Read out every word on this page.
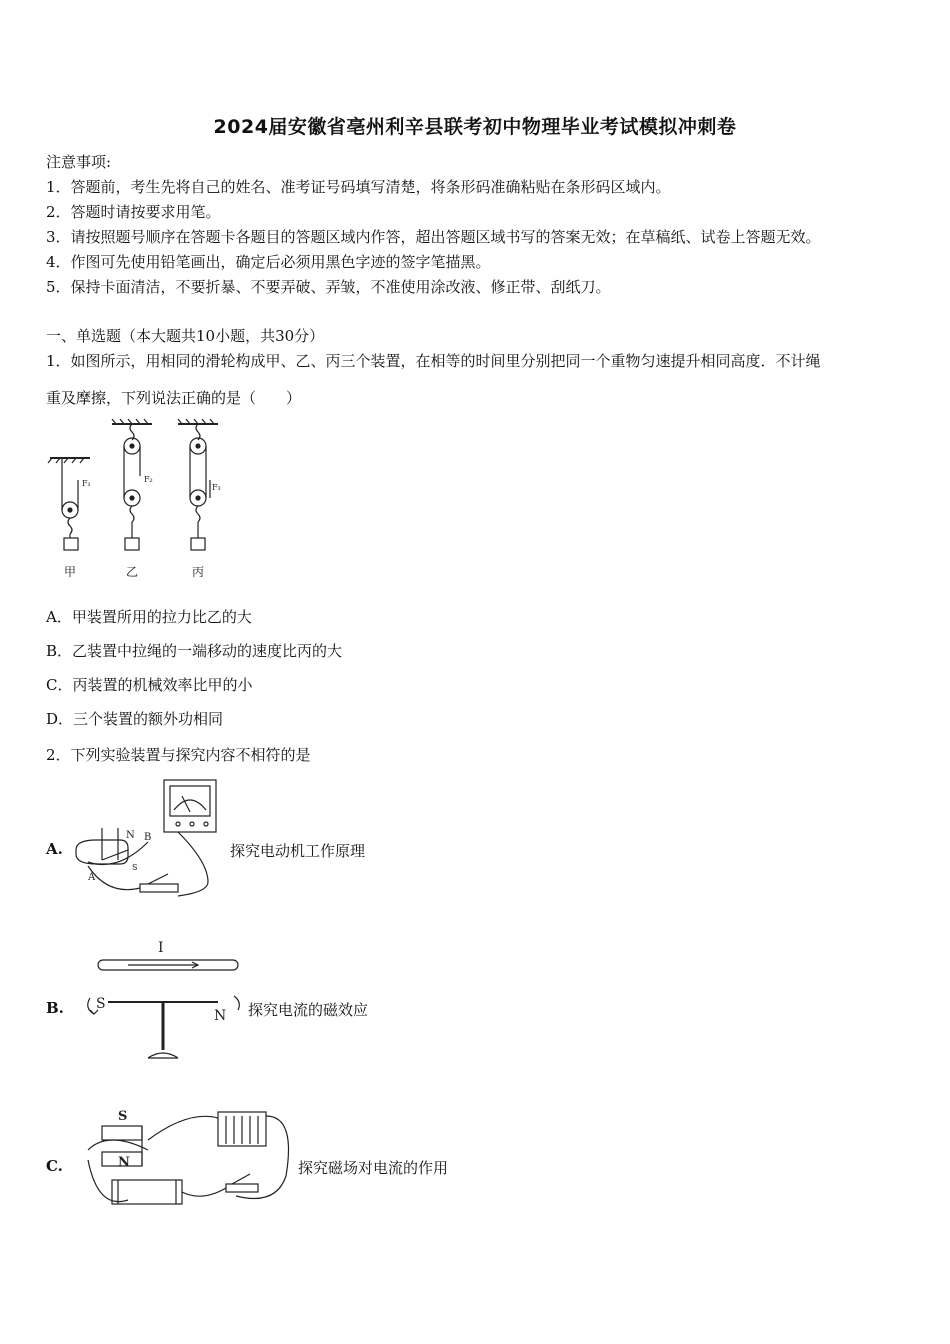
2024届安徽省亳州利辛县联考初中物理毕业考试模拟冲刺卷
注意事项:
1．答题前，考生先将自己的姓名、准考证号码填写清楚，将条形码准确粘贴在条形码区域内。
2．答题时请按要求用笔。
3．请按照题号顺序在答题卡各题目的答题区域内作答，超出答题区域书写的答案无效；在草稿纸、试卷上答题无效。
4．作图可先使用铅笔画出，确定后必须用黑色字迹的签字笔描黑。
5．保持卡面清洁，不要折暴、不要弄破、弄皱，不准使用涂改液、修正带、刮纸刀。
一、单选题（本大题共10小题，共30分）
1．如图所示，用相同的滑轮构成甲、乙、丙三个装置，在相等的时间里分别把同一个重物匀速提升相同高度．不计绳
重及摩擦，下列说法正确的是（　　）
F₁	F₂
F₃
甲	乙	丙
A．甲装置所用的拉力比乙的大
B．乙装置中拉绳的一端移动的速度比丙的大
C．丙装置的机械效率比甲的小
D．三个装置的额外功相同
2．下列实验装置与探究内容不相符的是
A.
N B
S
A
探究电动机工作原理
B.
I
S
N 探究电流的磁效应
C.
S
N	探究磁场对电流的作用
